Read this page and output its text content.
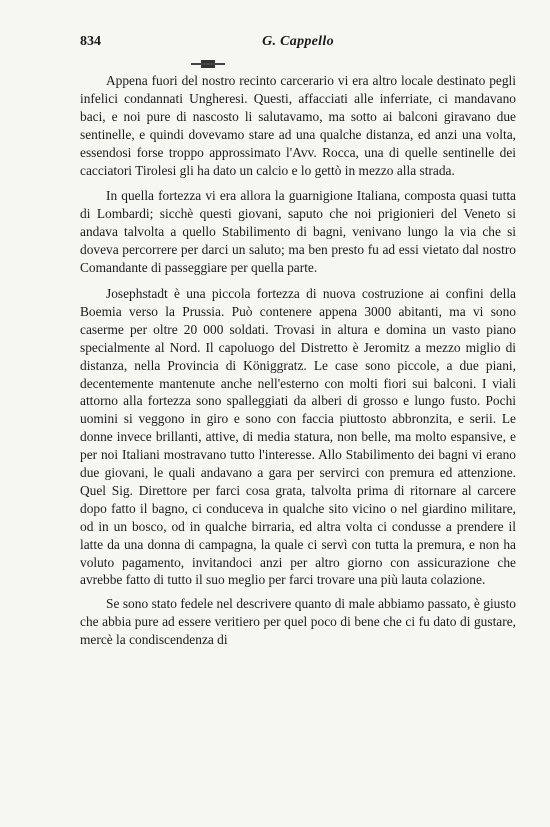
834	G. Cappello

Appena fuori del nostro recinto carcerario vi era altro locale destinato pegli infelici condannati Ungheresi. Questi, affacciati alle inferriate, ci mandavano baci, e noi pure di nascosto li salutavamo, ma sotto ai balconi giravano due sentinelle, e quindi dovevamo stare ad una qualche distanza, ed anzi una volta, essendosi forse troppo approssimato l'Avv. Rocca, una di quelle sentinelle dei cacciatori Tirolesi gli ha dato un calcio e lo gettò in mezzo alla strada.

In quella fortezza vi era allora la guarnigione Italiana, composta quasi tutta di Lombardi; sicchè questi giovani, saputo che noi prigionieri del Veneto si andava talvolta a quello Stabilimento di bagni, venivano lungo la via che si doveva percorrere per darci un saluto; ma ben presto fu ad essi vietato dal nostro Comandante di passeggiare per quella parte.

Josephstadt è una piccola fortezza di nuova costruzione ai confini della Boemia verso la Prussia. Può contenere appena 3000 abitanti, ma vi sono caserme per oltre 20 000 soldati. Trovasi in altura e domina un vasto piano specialmente al Nord. Il capoluogo del Distretto è Jeromitz a mezzo miglio di distanza, nella Provincia di Königgratz. Le case sono piccole, a due piani, decentemente mantenute anche nell'esterno con molti fiori sui balconi. I viali attorno alla fortezza sono spalleggiati da alberi di grosso e lungo fusto. Pochi uomini si veggono in giro e sono con faccia piuttosto abbronzita, e serii. Le donne invece brillanti, attive, di media statura, non belle, ma molto espansive, e per noi Italiani mostravano tutto l'interesse. Allo Stabilimento dei bagni vi erano due giovani, le quali andavano a gara per servirci con premura ed attenzione. Quel Sig. Direttore per farci cosa grata, talvolta prima di ritornare al carcere dopo fatto il bagno, ci conduceva in qualche sito vicino o nel giardino militare, od in un bosco, od in qualche birraria, ed altra volta ci condusse a prendere il latte da una donna di campagna, la quale ci servì con tutta la premura, e non ha voluto pagamento, invitandoci anzi per altro giorno con assicurazione che avrebbe fatto di tutto il suo meglio per farci trovare una più lauta colazione.

Se sono stato fedele nel descrivere quanto di male abbiamo passato, è giusto che abbia pure ad essere veritiero per quel poco di bene che ci fu dato di gustare, mercè la condiscendenza di
